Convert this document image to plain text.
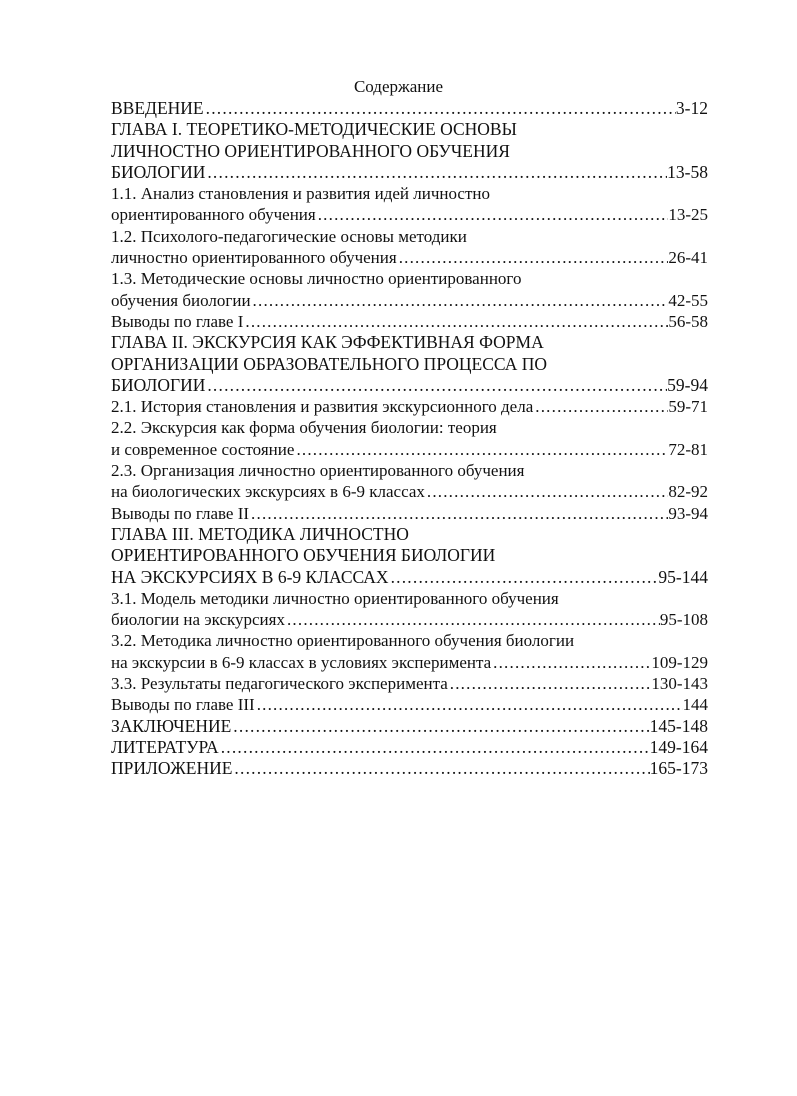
Содержание
ВВЕДЕНИЕ .....	3-12
ГЛАВА I. ТЕОРЕТИКО-МЕТОДИЧЕСКИЕ ОСНОВЫ
ЛИЧНОСТНО ОРИЕНТИРОВАННОГО ОБУЧЕНИЯ
БИОЛОГИИ .....	13-58
1.1. Анализ становления и развития идей личностно
ориентированного обучения .....	13-25
1.2. Психолого-педагогические основы методики
личностно ориентированного обучения .....	26-41
1.3. Методические основы личностно ориентированного
обучения биологии .....	42-55
Выводы по главе I .....	56-58
ГЛАВА II. ЭКСКУРСИЯ КАК ЭФФЕКТИВНАЯ ФОРМА
ОРГАНИЗАЦИИ ОБРАЗОВАТЕЛЬНОГО ПРОЦЕССА ПО
БИОЛОГИИ .....	59-94
2.1. История становления и развития экскурсионного дела .....	59-71
2.2. Экскурсия как форма обучения биологии: теория
и современное состояние .....	72-81
2.3. Организация личностно ориентированного обучения
на биологических экскурсиях в 6-9 классах .....	82-92
Выводы по главе II .....	93-94
ГЛАВА III. МЕТОДИКА ЛИЧНОСТНО
ОРИЕНТИРОВАННОГО ОБУЧЕНИЯ БИОЛОГИИ
НА ЭКСКУРСИЯХ В 6-9 КЛАССАХ .....	95-144
3.1. Модель методики личностно ориентированного обучения
биологии на экскурсиях .....	95-108
3.2. Методика личностно ориентированного обучения биологии
на экскурсии в 6-9 классах в условиях эксперимента .....	109-129
3.3. Результаты педагогического эксперимента .....	130-143
Выводы по главе III .....	144
ЗАКЛЮЧЕНИЕ .....	145-148
ЛИТЕРАТУРА .....	149-164
ПРИЛОЖЕНИЕ .....	165-173
